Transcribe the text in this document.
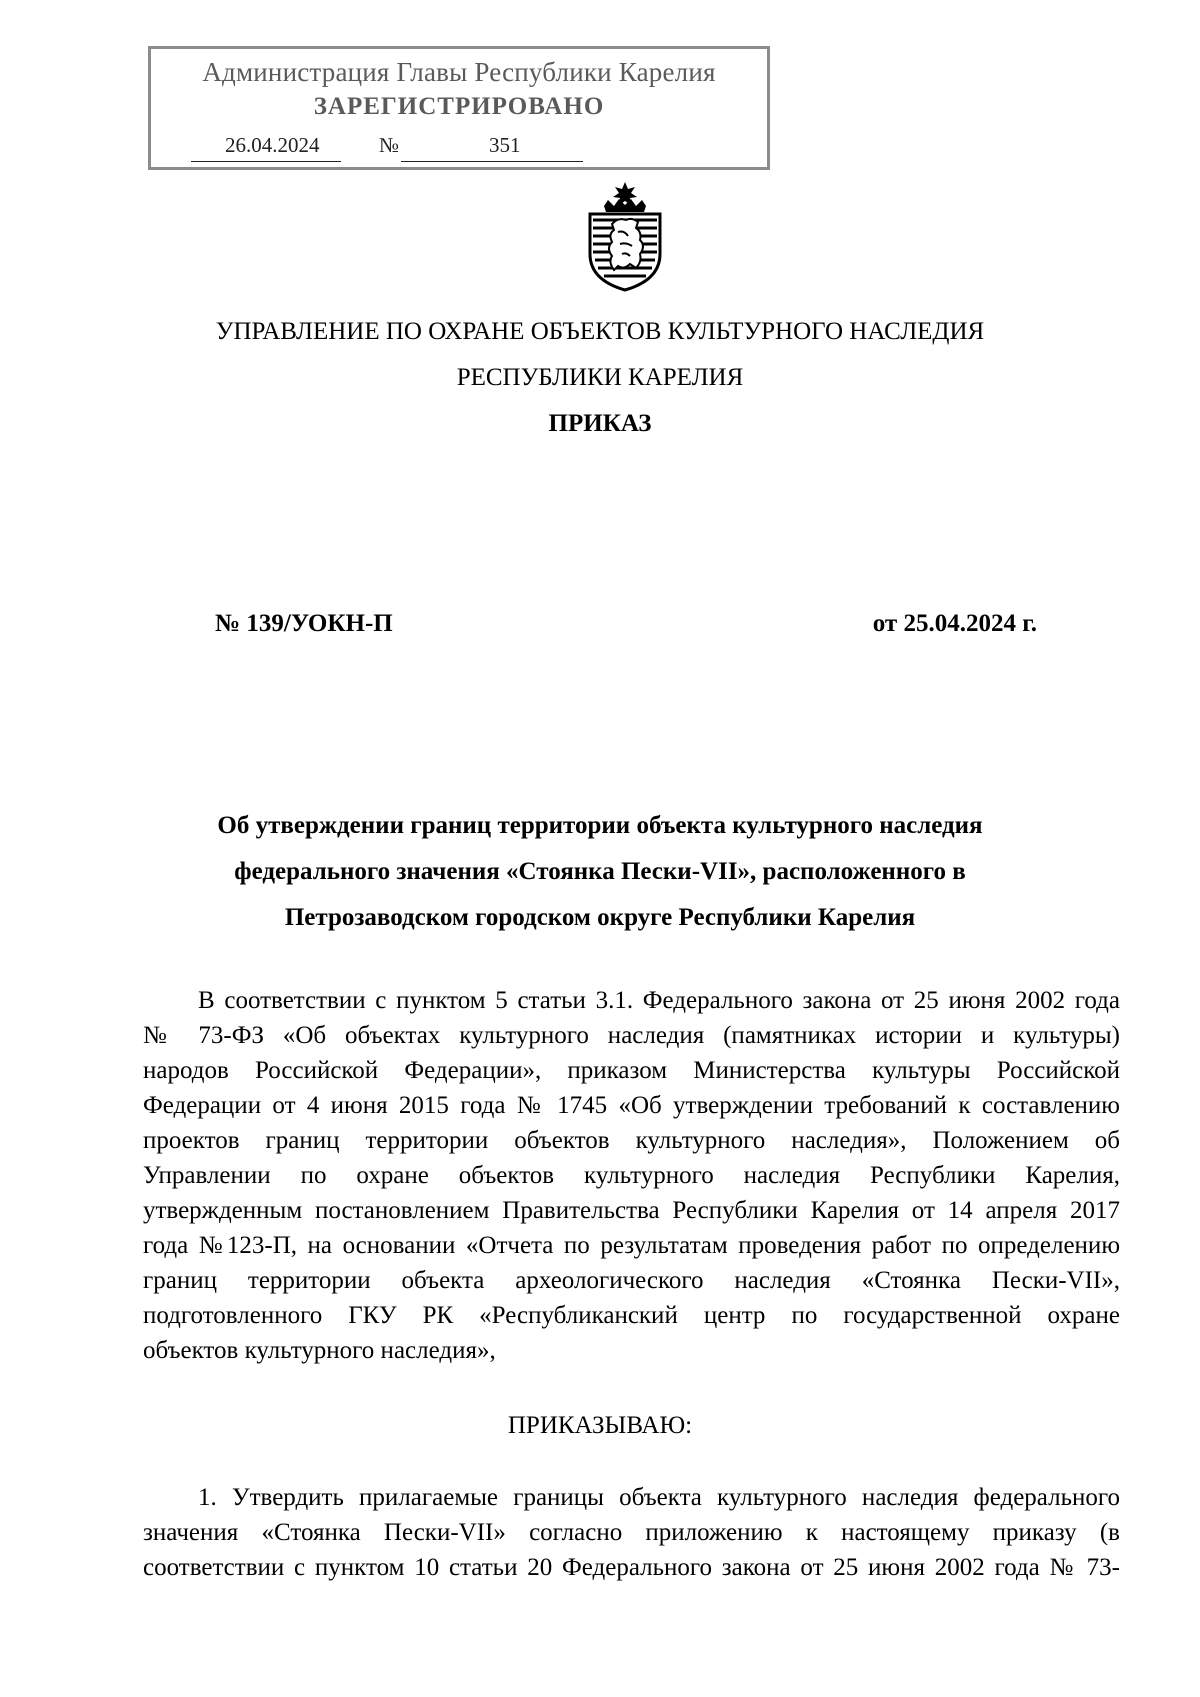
Администрация Главы Республики Карелия
ЗАРЕГИСТРИРОВАНО
26.04.2024	№	351
УПРАВЛЕНИЕ ПО ОХРАНЕ ОБЪЕКТОВ КУЛЬТУРНОГО НАСЛЕДИЯ
РЕСПУБЛИКИ КАРЕЛИЯ
ПРИКАЗ
№ 139/УОКН-П	от 25.04.2024 г.
Об утверждении границ территории объекта культурного наследия
федерального значения «Стоянка Пески-VII», расположенного в
Петрозаводском городском округе Республики Карелия
В соответствии с пунктом 5 статьи 3.1. Федерального закона от 25 июня 2002 года
№ 73-ФЗ «Об объектах культурного наследия (памятниках истории и культуры)
народов Российской Федерации», приказом Министерства культуры Российской
Федерации от 4 июня 2015 года № 1745 «Об утверждении требований к составлению
проектов границ территории объектов культурного наследия», Положением об
Управлении по охране объектов культурного наследия Республики Карелия,
утвержденным постановлением Правительства Республики Карелия от 14 апреля 2017
года №123-П, на основании «Отчета по результатам проведения работ по определению
границ территории объекта археологического наследия «Стоянка Пески-VII»,
подготовленного ГКУ РК «Республиканский центр по государственной охране
объектов культурного наследия»,
ПРИКАЗЫВАЮ:
1. Утвердить прилагаемые границы объекта культурного наследия федерального
значения «Стоянка Пески-VII» согласно приложению к настоящему приказу (в
соответствии с пунктом 10 статьи 20 Федерального закона от 25 июня 2002 года № 73-
